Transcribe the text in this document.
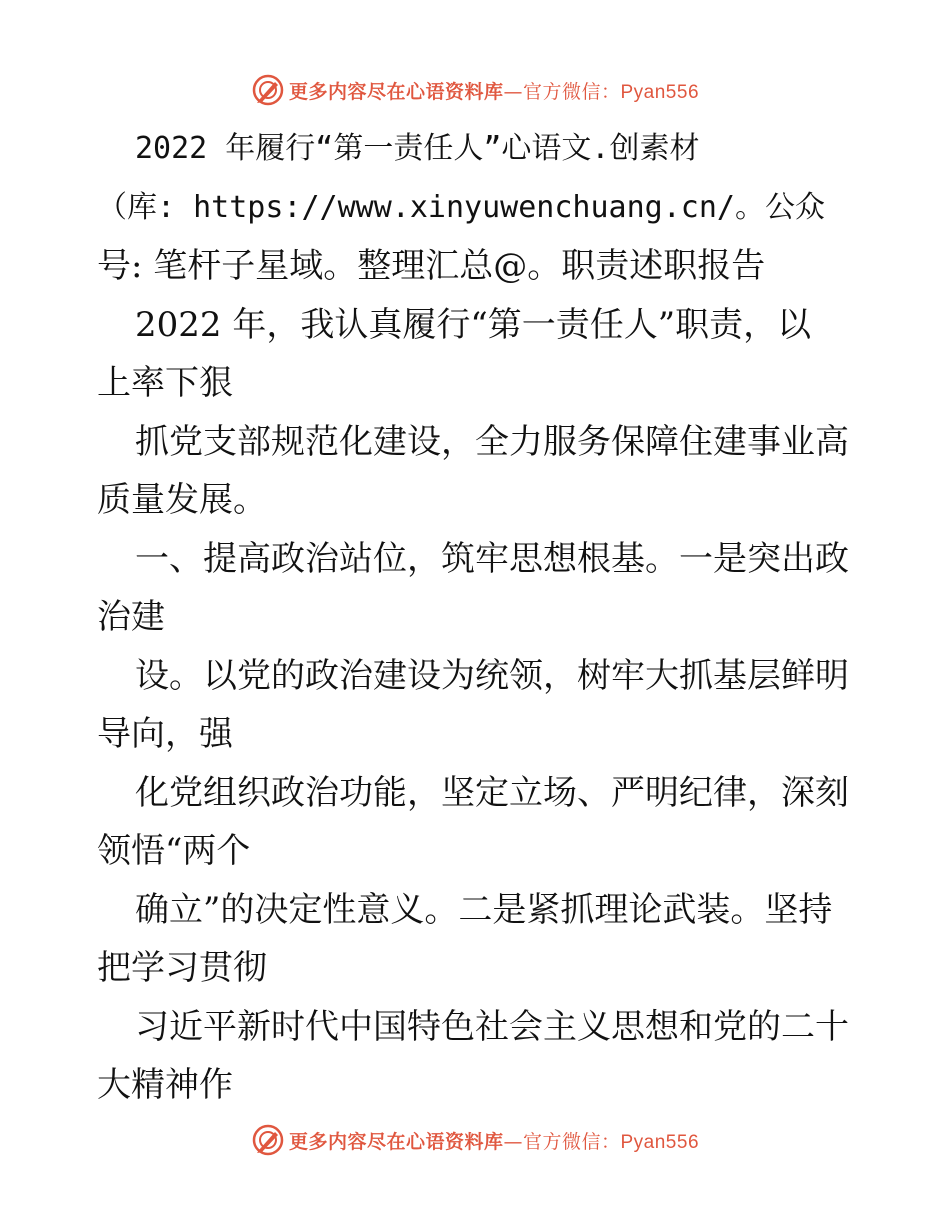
更多内容尽在心语资料库—官方微信：Pyan556
2022 年履行“第一责任人”心语文.创素材
（库: https://www.xinyuwenchuang.cn/。公众
号: 笔杆子星域。整理汇总@。职责述职报告
2022 年，我认真履行“第一责任人”职责，以
上率下狠
抓党支部规范化建设，全力服务保障住建事业高
质量发展。
一、提高政治站位，筑牢思想根基。一是突出政
治建
设。以党的政治建设为统领，树牢大抓基层鲜明
导向，强
化党组织政治功能，坚定立场、严明纪律，深刻
领悟“两个
确立”的决定性意义。二是紧抓理论武装。坚持
把学习贯彻
习近平新时代中国特色社会主义思想和党的二十
大精神作
更多内容尽在心语资料库—官方微信：Pyan556
